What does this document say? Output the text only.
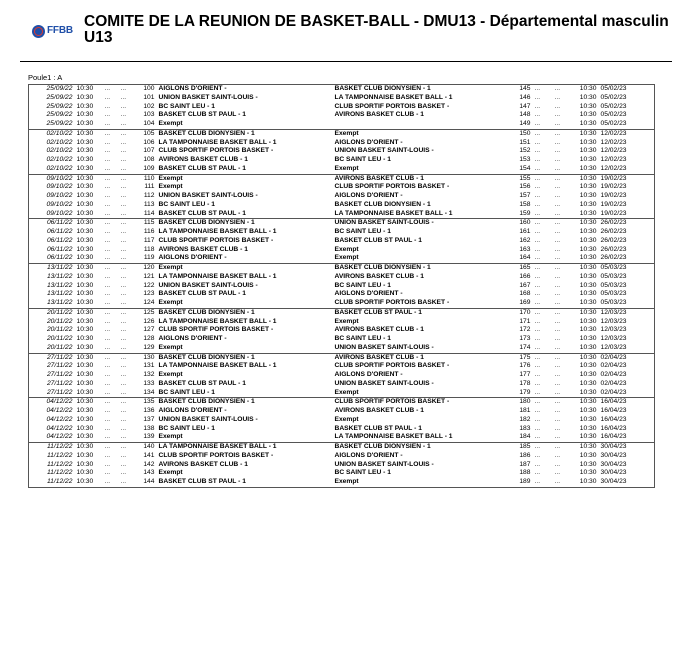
FFBB
COMITE DE LA REUNION DE BASKET-BALL - DMU13 - Départemental masculin U13
Poule1 : A
25/09/22	10:30	...	...	100	AIGLONS D'ORIENT -	BASKET CLUB DIONYSIEN - 1	145	...	...	10:30	05/02/23
25/09/22	10:30	...	...	101	UNION BASKET SAINT-LOUIS -	LA TAMPONNAISE BASKET BALL - 1	146	...	...	10:30	05/02/23
25/09/22	10:30	...	...	102	BC SAINT LEU - 1	CLUB SPORTIF PORTOIS BASKET -	147	...	...	10:30	05/02/23
25/09/22	10:30	...	...	103	BASKET CLUB ST PAUL - 1	AVIRONS BASKET CLUB - 1	148	...	...	10:30	05/02/23
25/09/22	10:30	...	...	104	Exempt		149	...	...	10:30	05/02/23
02/10/22	10:30	...	...	105	BASKET CLUB DIONYSIEN - 1	Exempt	150	...	...	10:30	12/02/23
02/10/22	10:30	...	...	106	LA TAMPONNAISE BASKET BALL - 1	AIGLONS D'ORIENT -	151	...	...	10:30	12/02/23
02/10/22	10:30	...	...	107	CLUB SPORTIF PORTOIS BASKET -	UNION BASKET SAINT-LOUIS -	152	...	...	10:30	12/02/23
02/10/22	10:30	...	...	108	AVIRONS BASKET CLUB - 1	BC SAINT LEU - 1	153	...	...	10:30	12/02/23
02/10/22	10:30	...	...	109	BASKET CLUB ST PAUL - 1	Exempt	154	...	...	10:30	12/02/23
09/10/22	10:30	...	...	110	Exempt	AVIRONS BASKET CLUB - 1	155	...	...	10:30	19/02/23
09/10/22	10:30	...	...	111	Exempt	CLUB SPORTIF PORTOIS BASKET -	156	...	...	10:30	19/02/23
09/10/22	10:30	...	...	112	UNION BASKET SAINT-LOUIS -	AIGLONS D'ORIENT -	157	...	...	10:30	19/02/23
09/10/22	10:30	...	...	113	BC SAINT LEU - 1	BASKET CLUB DIONYSIEN - 1	158	...	...	10:30	19/02/23
09/10/22	10:30	...	...	114	BASKET CLUB ST PAUL - 1	LA TAMPONNAISE BASKET BALL - 1	159	...	...	10:30	19/02/23
06/11/22	10:30	...	...	115	BASKET CLUB DIONYSIEN - 1	UNION BASKET SAINT-LOUIS -	160	...	...	10:30	26/02/23
06/11/22	10:30	...	...	116	LA TAMPONNAISE BASKET BALL - 1	BC SAINT LEU - 1	161	...	...	10:30	26/02/23
06/11/22	10:30	...	...	117	CLUB SPORTIF PORTOIS BASKET -	BASKET CLUB ST PAUL - 1	162	...	...	10:30	26/02/23
06/11/22	10:30	...	...	118	AVIRONS BASKET CLUB - 1	Exempt	163	...	...	10:30	26/02/23
06/11/22	10:30	...	...	119	AIGLONS D'ORIENT -	Exempt	164	...	...	10:30	26/02/23
13/11/22	10:30	...	...	120	Exempt	BASKET CLUB DIONYSIEN - 1	165	...	...	10:30	05/03/23
13/11/22	10:30	...	...	121	LA TAMPONNAISE BASKET BALL - 1	AVIRONS BASKET CLUB - 1	166	...	...	10:30	05/03/23
13/11/22	10:30	...	...	122	UNION BASKET SAINT-LOUIS -	BC SAINT LEU - 1	167	...	...	10:30	05/03/23
13/11/22	10:30	...	...	123	BASKET CLUB ST PAUL - 1	AIGLONS D'ORIENT -	168	...	...	10:30	05/03/23
13/11/22	10:30	...	...	124	Exempt	CLUB SPORTIF PORTOIS BASKET -	169	...	...	10:30	05/03/23
20/11/22	10:30	...	...	125	BASKET CLUB DIONYSIEN - 1	BASKET CLUB ST PAUL - 1	170	...	...	10:30	12/03/23
20/11/22	10:30	...	...	126	LA TAMPONNAISE BASKET BALL - 1	Exempt	171	...	...	10:30	12/03/23
20/11/22	10:30	...	...	127	CLUB SPORTIF PORTOIS BASKET -	AVIRONS BASKET CLUB - 1	172	...	...	10:30	12/03/23
20/11/22	10:30	...	...	128	AIGLONS D'ORIENT -	BC SAINT LEU - 1	173	...	...	10:30	12/03/23
20/11/22	10:30	...	...	129	Exempt	UNION BASKET SAINT-LOUIS -	174	...	...	10:30	12/03/23
27/11/22	10:30	...	...	130	BASKET CLUB DIONYSIEN - 1	AVIRONS BASKET CLUB - 1	175	...	...	10:30	02/04/23
27/11/22	10:30	...	...	131	LA TAMPONNAISE BASKET BALL - 1	CLUB SPORTIF PORTOIS BASKET -	176	...	...	10:30	02/04/23
27/11/22	10:30	...	...	132	Exempt	AIGLONS D'ORIENT -	177	...	...	10:30	02/04/23
27/11/22	10:30	...	...	133	BASKET CLUB ST PAUL - 1	UNION BASKET SAINT-LOUIS -	178	...	...	10:30	02/04/23
27/11/22	10:30	...	...	134	BC SAINT LEU - 1	Exempt	179	...	...	10:30	02/04/23
04/12/22	10:30	...	...	135	BASKET CLUB DIONYSIEN - 1	CLUB SPORTIF PORTOIS BASKET -	180	...	...	10:30	16/04/23
04/12/22	10:30	...	...	136	AIGLONS D'ORIENT -	AVIRONS BASKET CLUB - 1	181	...	...	10:30	16/04/23
04/12/22	10:30	...	...	137	UNION BASKET SAINT-LOUIS -	Exempt	182	...	...	10:30	16/04/23
04/12/22	10:30	...	...	138	BC SAINT LEU - 1	BASKET CLUB ST PAUL - 1	183	...	...	10:30	16/04/23
04/12/22	10:30	...	...	139	Exempt	LA TAMPONNAISE BASKET BALL - 1	184	...	...	10:30	16/04/23
11/12/22	10:30	...	...	140	LA TAMPONNAISE BASKET BALL - 1	BASKET CLUB DIONYSIEN - 1	185	...	...	10:30	30/04/23
11/12/22	10:30	...	...	141	CLUB SPORTIF PORTOIS BASKET -	AIGLONS D'ORIENT -	186	...	...	10:30	30/04/23
11/12/22	10:30	...	...	142	AVIRONS BASKET CLUB - 1	UNION BASKET SAINT-LOUIS -	187	...	...	10:30	30/04/23
11/12/22	10:30	...	...	143	Exempt	BC SAINT LEU - 1	188	...	...	10:30	30/04/23
11/12/22	10:30	...	...	144	BASKET CLUB ST PAUL - 1	Exempt	189	...	...	10:30	30/04/23
